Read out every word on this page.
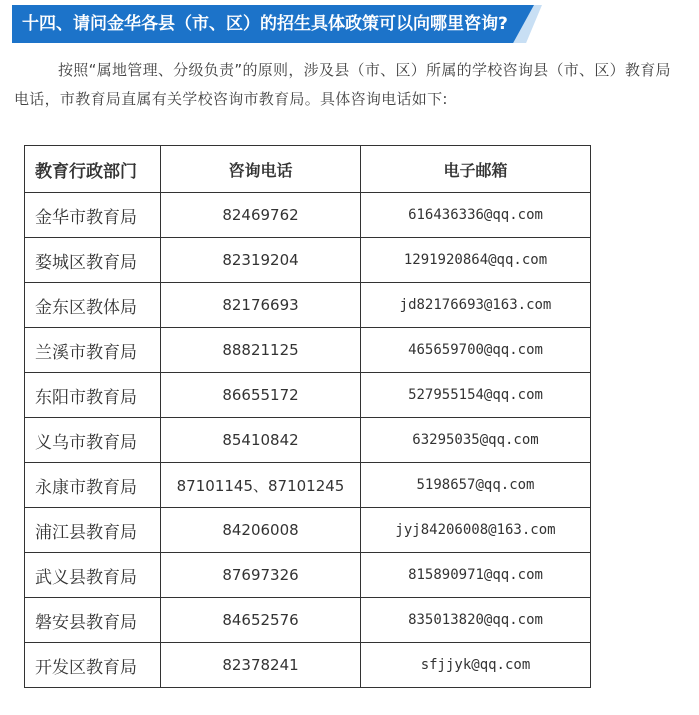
十四、请问金华各县（市、区）的招生具体政策可以向哪里咨询?

按照“属地管理、分级负责”的原则，涉及县（市、区）所属的学校咨询县（市、区）教育局电话，市教育局直属有关学校咨询市教育局。具体咨询电话如下:

教育行政部门	咨询电话	电子邮箱
金华市教育局	82469762	616436336@qq.com
婺城区教育局	82319204	1291920864@qq.com
金东区教体局	82176693	jd82176693@163.com
兰溪市教育局	88821125	465659700@qq.com
东阳市教育局	86655172	527955154@qq.com
义乌市教育局	85410842	63295035@qq.com
永康市教育局	87101145、87101245	5198657@qq.com
浦江县教育局	84206008	jyj84206008@163.com
武义县教育局	87697326	815890971@qq.com
磐安县教育局	84652576	835013820@qq.com
开发区教育局	82378241	sfjjyk@qq.com
